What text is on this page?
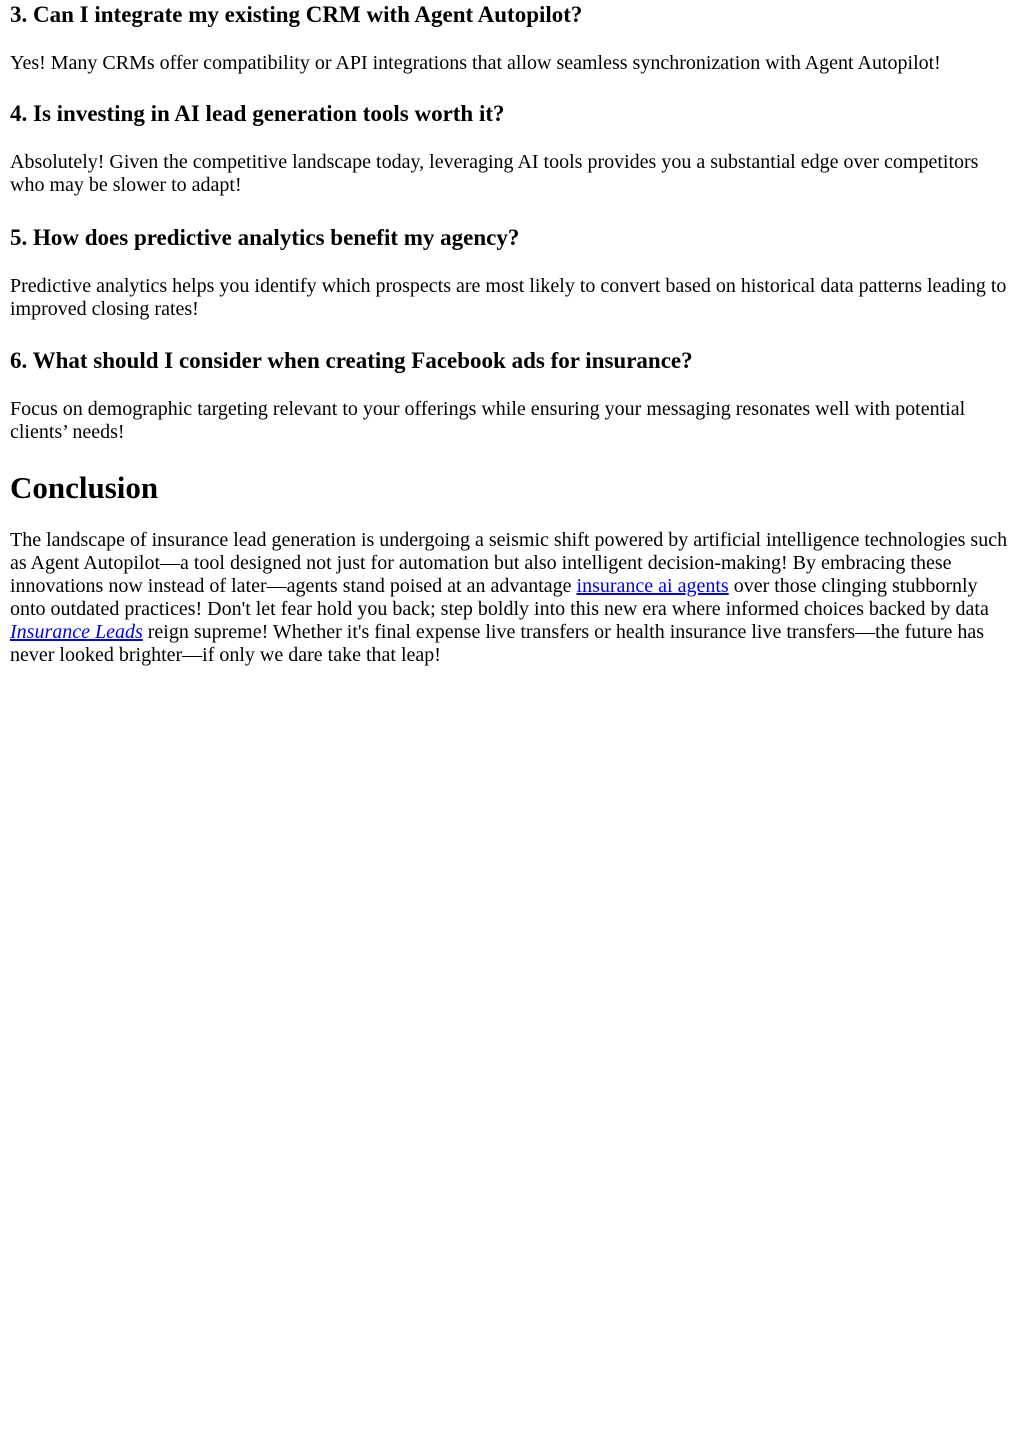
3. Can I integrate my existing CRM with Agent Autopilot?

Yes! Many CRMs offer compatibility or API integrations that allow seamless synchronization with Agent Autopilot!

4. Is investing in AI lead generation tools worth it?

Absolutely! Given the competitive landscape today, leveraging AI tools provides you a substantial edge over competitors who may be slower to adapt!

5. How does predictive analytics benefit my agency?

Predictive analytics helps you identify which prospects are most likely to convert based on historical data patterns leading to improved closing rates!

6. What should I consider when creating Facebook ads for insurance?

Focus on demographic targeting relevant to your offerings while ensuring your messaging resonates well with potential clients’ needs!

Conclusion

The landscape of insurance lead generation is undergoing a seismic shift powered by artificial intelligence technologies such as Agent Autopilot—a tool designed not just for automation but also intelligent decision-making! By embracing these innovations now instead of later—agents stand poised at an advantage insurance ai agents over those clinging stubbornly onto outdated practices! Don't let fear hold you back; step boldly into this new era where informed choices backed by data Insurance Leads reign supreme! Whether it's final expense live transfers or health insurance live transfers—the future has never looked brighter—if only we dare take that leap!
